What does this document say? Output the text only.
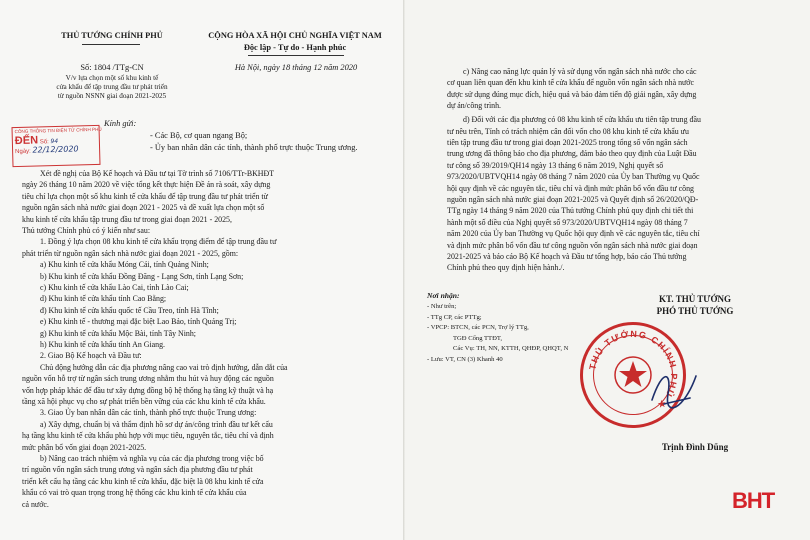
THỦ TƯỚNG CHÍNH PHỦ	CỘNG HÒA XÃ HỘI CHỦ NGHĨA VIỆT NAM
Độc lập - Tự do - Hạnh phúc
Số: 1804 /TTg-CN	Hà Nội, ngày 18 tháng 12 năm 2020
V/v lựa chọn một số khu kinh tế
cửa khẩu để tập trung đầu tư phát triển
từ nguồn NSNN giai đoạn 2021-2025
CÔNG THÔNG TIN ĐIỆN TỬ CHÍNH PHỦ
ĐẾN Số: 94
Ngày: 22/12/2020
Kính gửi:
- Các Bộ, cơ quan ngang Bộ;
- Ủy ban nhân dân các tỉnh, thành phố trực thuộc Trung ương.
Xét đề nghị của Bộ Kế hoạch và Đầu tư tại Tờ trình số 7106/TTr-BKHĐT
ngày 26 tháng 10 năm 2020 về việc tổng kết thực hiện Đề án rà soát, xây dựng
tiêu chí lựa chọn một số khu kinh tế cửa khẩu để tập trung đầu tư phát triển từ
nguồn ngân sách nhà nước giai đoạn 2021 - 2025 và đề xuất lựa chọn một số
khu kinh tế cửa khẩu tập trung đầu tư trong giai đoạn 2021 - 2025,
Thủ tướng Chính phủ có ý kiến như sau:
1. Đồng ý lựa chọn 08 khu kinh tế cửa khẩu trọng điểm để tập trung đầu tư
phát triển từ nguồn ngân sách nhà nước giai đoạn 2021 - 2025, gồm:
a) Khu kinh tế cửa khẩu Móng Cái, tỉnh Quảng Ninh;
b) Khu kinh tế cửa khẩu Đồng Đăng - Lạng Sơn, tỉnh Lạng Sơn;
c) Khu kinh tế cửa khẩu Lào Cai, tỉnh Lào Cai;
d) Khu kinh tế cửa khẩu tỉnh Cao Bằng;
đ) Khu kinh tế cửa khẩu quốc tế Cầu Treo, tỉnh Hà Tĩnh;
e) Khu kinh tế - thương mại đặc biệt Lao Bảo, tỉnh Quảng Trị;
g) Khu kinh tế cửa khẩu Mộc Bài, tỉnh Tây Ninh;
h) Khu kinh tế cửa khẩu tỉnh An Giang.
2. Giao Bộ Kế hoạch và Đầu tư:
Chủ động hướng dẫn các địa phương nâng cao vai trò định hướng, dẫn dắt của
nguồn vốn hỗ trợ từ ngân sách trung ương nhằm thu hút và huy động các nguồn
vốn hợp pháp khác để đầu tư xây dựng đồng bộ hệ thống hạ tầng kỹ thuật và hạ
tầng xã hội phục vụ cho sự phát triển bền vững của các khu kinh tế cửa khẩu.
3. Giao Ủy ban nhân dân các tỉnh, thành phố trực thuộc Trung ương:
a) Xây dựng, chuẩn bị và thẩm định hồ sơ dự án/công trình đầu tư kết cấu
hạ tầng khu kinh tế cửa khẩu phù hợp với mục tiêu, nguyên tắc, tiêu chí và định
mức phân bổ vốn giai đoạn 2021-2025.
b) Nâng cao trách nhiệm và nghĩa vụ của các địa phương trong việc bố
trí nguồn vốn ngân sách trung ương và ngân sách địa phương đầu tư phát
triển kết cấu hạ tầng các khu kinh tế cửa khẩu, đặc biệt là 08 khu kinh tế cửa
khẩu có vai trò quan trọng trong hệ thống các khu kinh tế cửa khẩu của
cả nước.
c) Nâng cao năng lực quản lý và sử dụng vốn ngân sách nhà nước cho các
cơ quan liên quan đến khu kinh tế cửa khẩu để nguồn vốn ngân sách nhà nước
được sử dụng đúng mục đích, hiệu quả và bảo đảm tiến độ giải ngân, xây dựng
dự án/công trình.
d) Đối với các địa phương có 08 khu kinh tế cửa khẩu ưu tiên tập trung đầu
tư nêu trên, Tỉnh có trách nhiệm cân đối vốn cho 08 khu kinh tế cửa khẩu ưu
tiên tập trung đầu tư trong giai đoạn 2021-2025 trong tổng số vốn ngân sách
trung ương đã thông báo cho địa phương, đảm bảo theo quy định của Luật Đầu
tư công số 39/2019/QH14 ngày 13 tháng 6 năm 2019, Nghị quyết số
973/2020/UBTVQH14 ngày 08 tháng 7 năm 2020 của Ủy ban Thường vụ Quốc
hội quy định về các nguyên tắc, tiêu chí và định mức phân bổ vốn đầu tư công
nguồn ngân sách nhà nước giai đoạn 2021-2025 và Quyết định số 26/2020/QĐ-
TTg ngày 14 tháng 9 năm 2020 của Thủ tướng Chính phủ quy định chi tiết thi
hành một số điều của Nghị quyết số 973/2020/UBTVQH14 ngày 08 tháng 7
năm 2020 của Ủy ban Thường vụ Quốc hội quy định về các nguyên tắc, tiêu chí
và định mức phân bổ vốn đầu tư công nguồn vốn ngân sách nhà nước giai đoạn
2021-2025 và báo cáo Bộ Kế hoạch và Đầu tư tổng hợp, báo cáo Thủ tướng
Chính phủ theo quy định hiện hành./.
Nơi nhận:
- Như trên;
- TTg CP, các PTTg;
- VPCP: BTCN, các PCN, Trợ lý TTg,
TGĐ Cổng TTĐT,
Các Vụ: TH, NN, KTTH, QHĐP, QHQT, N
- Lưu: VT, CN (3) Khanh 40
KT. THỦ TƯỚNG
PHÓ THỦ TƯỚNG
Trịnh Đình Dũng
THỦ TƯỚNG CHÍNH PHỦ ★
BHT
